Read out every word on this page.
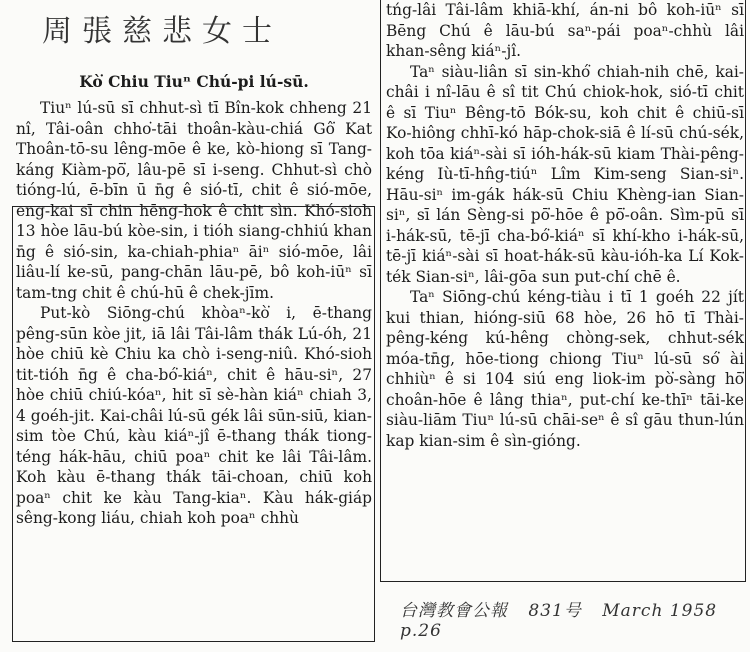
周張慈悲女士
Kò͘ Chiu Tiuⁿ Chú-pi lú-sū.

Tiuⁿ lú-sū sī chhut-sì tī Bîn-kok chheng 21 nî, Tâi-oân chho͘-tāi thoân-kàu-chiá Gô͘ Kat Thoân-tō-su lêng-mōe ê ke, kò-hiong sī Tang-káng Kiàm-pō͘, lâu-pē sī i-seng. Chhut-sì chò tióng-lú, ē-bīn ū n̄g ê sió-tī, chit ê sió-mōe, eng-kai sī chin hēng-hok ê chit sìn. Khó-sioh 13 hòe lāu-bú kòe-sin, i tióh siang-chhiú khan n̄g ê sió-sin, ka-chiah-phiaⁿ āiⁿ sió-mōe, lâi liâu-lí ke-sū, pang-chān lāu-pē, bô koh-iūⁿ sī tam-tng chit ê chú-hū ê chek-jīm.

Put-kò Siōng-chú khòaⁿ-kò͘ i, ē-thang pêng-sūn kòe jit, iā lâi Tâi-lâm thák Lú-óh, 21 hòe chiū kè Chiu ka chò i-seng-niû. Khó-sioh tit-tióh n̄g ê cha-bó͘-kiáⁿ, chit ê hāu-siⁿ, 27 hòe chiū chiú-kóaⁿ, hit sī sè-hàn kiáⁿ chiah 3, 4 goéh-jit. Kai-châi lú-sū gék lâi sūn-siū, kian-sim tòe Chú, kàu kiáⁿ-jî ē-thang thák tiong-téng hák-hāu, chiū poaⁿ chit ke lâi Tâi-lâm. Koh kàu ē-thang thák tāi-choan, chiū koh poaⁿ chit ke kàu Tang-kiaⁿ. Kàu hák-giáp sêng-kong liáu, chiah koh poaⁿ chhù

tńg-lâi Tâi-lâm khiā-khí, án-ni bô koh-iūⁿ sī Bēng Chú ê lāu-bú saⁿ-pái poaⁿ-chhù lâi khan-sêng kiáⁿ-jî.

Taⁿ siàu-liân sī sin-khó͘ chiah-nih chē, kai-châi i nî-lāu ê sî tit Chú chiok-hok, sió-tī chit ê sī Tiuⁿ Bêng-tō Bók-su, koh chit ê chiū-sī Ko-hiông chhī-kó hāp-chok-siā ê lí-sū chú-sék, koh tōa kiáⁿ-sài sī ióh-hák-sū kiam Thài-pêng-kéng Iù-tī-hn̂g-tiúⁿ Lîm Kim-seng Sian-siⁿ. Hāu-siⁿ im-gák hák-sū Chiu Khèng-ian Sian-siⁿ, sī lán Sèng-si pō͘-hōe ê pō͘-oân. Sìm-pū sī i-hák-sū, tē-jī cha-bó͘-kiáⁿ sī khí-kho i-hák-sū, tē-jī kiáⁿ-sài sī hoat-hák-sū kàu-ióh-ka Lí Kok-ték Sian-siⁿ, lâi-gōa sun put-chí chē ê.

Taⁿ Siōng-chú kéng-tiàu i tī 1 goéh 22 jít kui thian, hióng-siū 68 hòe, 26 hō tī Thài-pêng-kéng kú-hêng chòng-sek, chhut-sék móa-tn̄g, hōe-tiong chiong Tiuⁿ lú-sū só͘ ài chhiùⁿ ê si 104 siú eng liok-im pò͘-sàng hō͘ choân-hōe ê lâng thiaⁿ, put-chí ke-thīⁿ tāi-ke siàu-liām Tiuⁿ lú-sū chāi-seⁿ ê sî gāu thun-lún kap kian-sim ê sìn-gióng.

台灣教會公報 831号 March 1958 p.26
